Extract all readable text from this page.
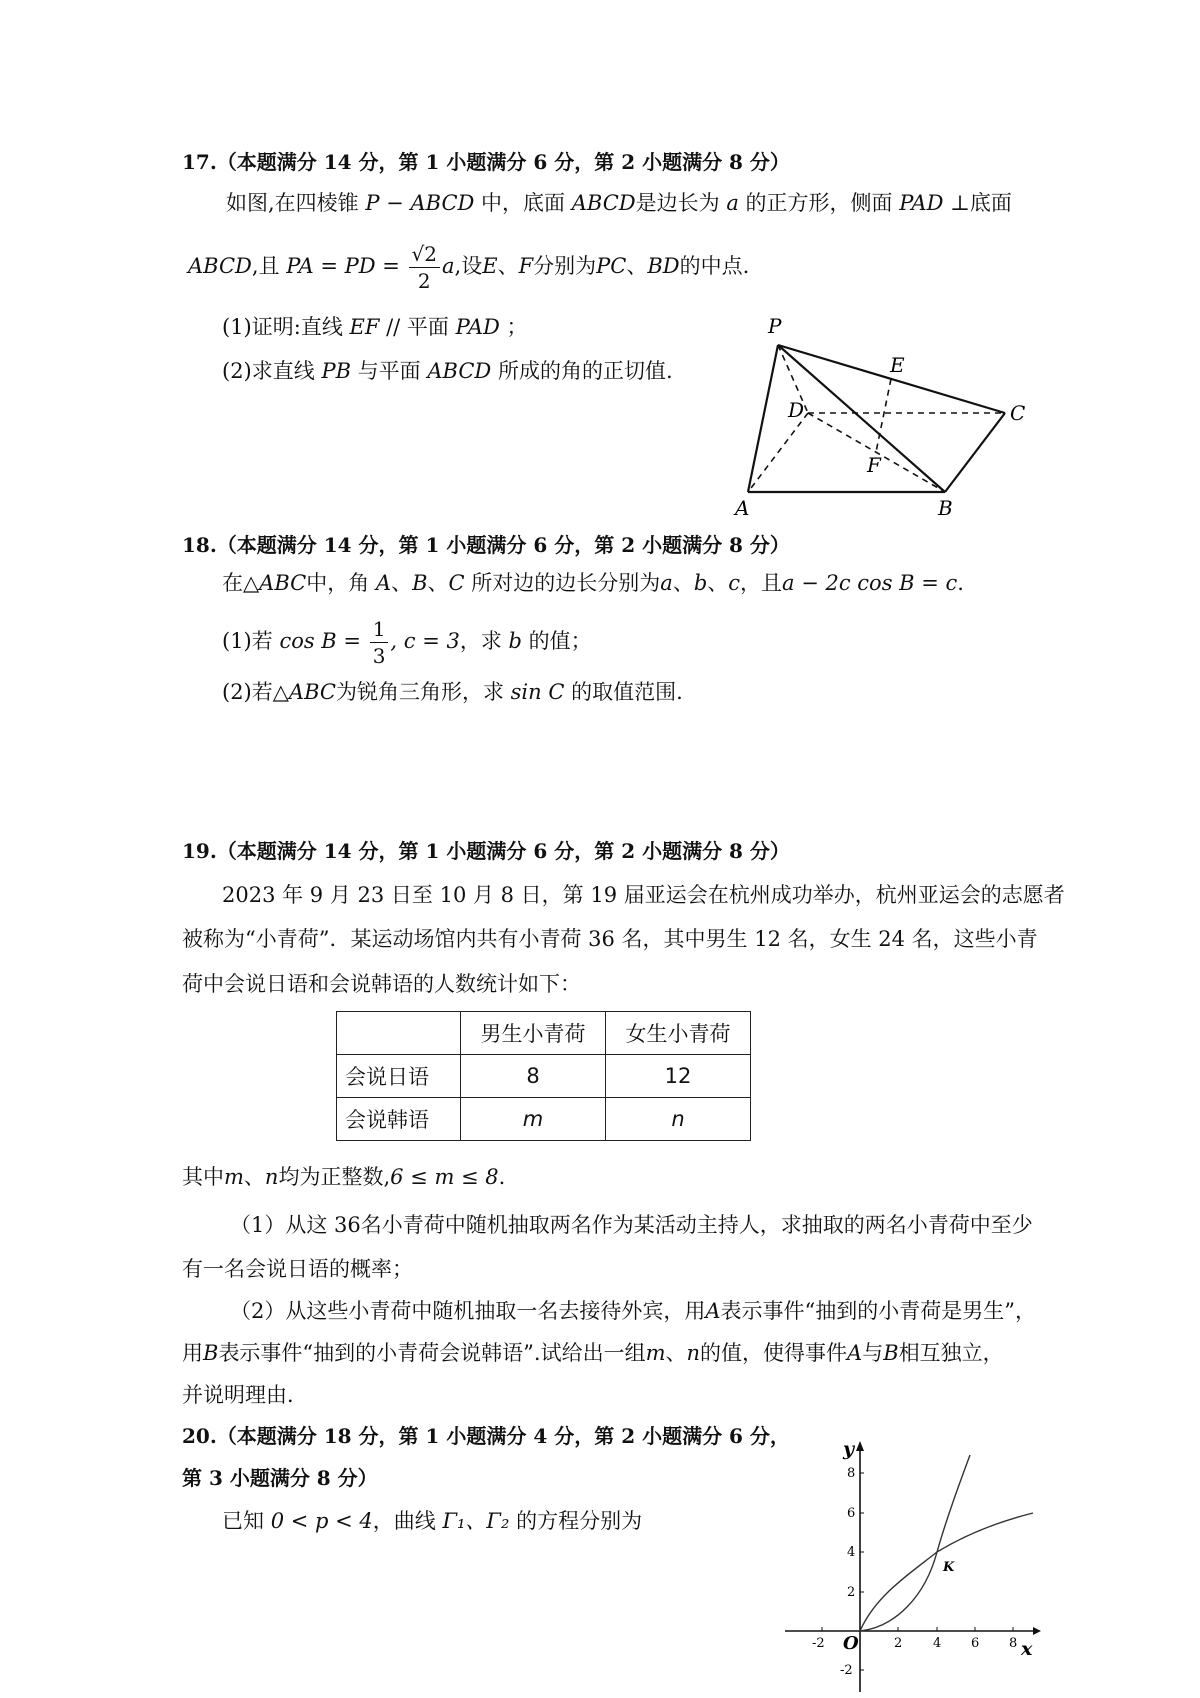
17.（本题满分 14 分，第 1 小题满分 6 分，第 2 小题满分 8 分）
如图,在四棱锥 P − ABCD 中，底面 ABCD是边长为 a 的正方形，侧面 PAD ⊥底面
ABCD,且 PA = PD = $\frac{√2}{2} a$,设E、F分别为PC、BD的中点.
(1)证明:直线 EF // 平面 PAD ；
(2)求直线 PB 与平面 ABCD 所成的角的正切值.
P
E
D	C
F
A	B
18.（本题满分 14 分，第 1 小题满分 6 分，第 2 小题满分 8 分）
在△ABC中，角 A、B、C 所对边的边长分别为a、b、c，且a − 2c cos B = c.
(1)若 $\cos B = \frac{1}{3}$ , c = 3，求 b 的值；
(2)若△ABC为锐角三角形，求 sin C 的取值范围.
19.（本题满分 14 分，第 1 小题满分 6 分，第 2 小题满分 8 分）
2023 年 9 月 23 日至 10 月 8 日，第 19 届亚运会在杭州成功举办，杭州亚运会的志愿者
被称为“小青荷”．某运动场馆内共有小青荷 36 名，其中男生 12 名，女生 24 名，这些小青
荷中会说日语和会说韩语的人数统计如下：
	男生小青荷	女生小青荷
会说日语	8	12
会说韩语	m	n
其中m、n均为正整数,6 ≤ m ≤ 8.
（1）从这 36名小青荷中随机抽取两名作为某活动主持人，求抽取的两名小青荷中至少
有一名会说日语的概率；
（2）从这些小青荷中随机抽取一名去接待外宾，用A表示事件“抽到的小青荷是男生”，
用B表示事件“抽到的小青荷会说韩语”.试给出一组m、n的值，使得事件A与B相互独立，
并说明理由．
20.（本题满分 18 分，第 1 小题满分 4 分，第 2 小题满分 6 分，
第 3 小题满分 8 分）
已知 0 < p < 4，曲线 Γ₁、Γ₂ 的方程分别为
-2	2 4 6 8
8
6
4
2
-2
x
y
O
K
